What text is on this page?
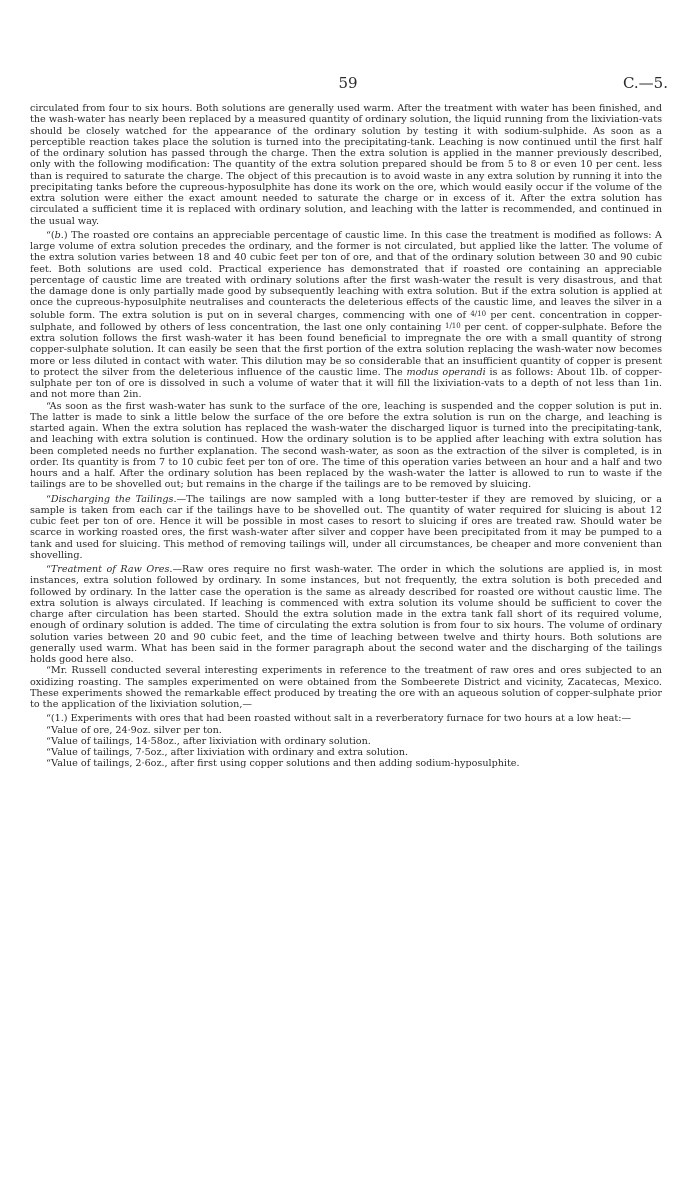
59	C.—5.

circulated from four to six hours. Both solutions are generally used warm. After the treatment with water has been finished, and the wash-water has nearly been replaced by a measured quantity of ordinary solution, the liquid running from the lixiviation-vats should be closely watched for the appearance of the ordinary solution by testing it with sodium-sulphide. As soon as a perceptible reaction takes place the solution is turned into the precipitating-tank. Leaching is now continued until the first half of the ordinary solution has passed through the charge. Then the extra solution is applied in the manner previously described, only with the following modification: The quantity of the extra solution prepared should be from 5 to 8 or even 10 per cent. less than is required to saturate the charge. The object of this precaution is to avoid waste in any extra solution by running it into the precipitating tanks before the cupreous-hyposulphite has done its work on the ore, which would easily occur if the volume of the extra solution were either the exact amount needed to saturate the charge or in excess of it. After the extra solution has circulated a sufficient time it is replaced with ordinary solution, and leaching with the latter is recommended, and continued in the usual way.

“(b.) The roasted ore contains an appreciable percentage of caustic lime. In this case the treatment is modified as follows: A large volume of extra solution precedes the ordinary, and the former is not circulated, but applied like the latter. The volume of the extra solution varies between 18 and 40 cubic feet per ton of ore, and that of the ordinary solution between 30 and 90 cubic feet. Both solutions are used cold. Practical experience has demonstrated that if roasted ore containing an appreciable percentage of caustic lime are treated with ordinary solutions after the first wash-water the result is very disastrous, and that the damage done is only partially made good by subsequently leaching with extra solution. But if the extra solution is applied at once the cupreous-hyposulphite neutralises and counteracts the deleterious effects of the caustic lime, and leaves the silver in a soluble form. The extra solution is put on in several charges, commencing with one of $^{4/10}$ per cent. concentration in copper-sulphate, and followed by others of less concentration, the last one only containing $^{1/10}$ per cent. of copper-sulphate. Before the extra solution follows the first wash-water it has been found beneficial to impregnate the ore with a small quantity of strong copper-sulphate solution. It can easily be seen that the first portion of the extra solution replacing the wash-water now becomes more or less diluted in contact with water. This dilution may be so considerable that an insufficient quantity of copper is present to protect the silver from the deleterious influence of the caustic lime. The modus operandi is as follows: About 1lb. of copper-sulphate per ton of ore is dissolved in such a volume of water that it will fill the lixiviation-vats to a depth of not less than 1in. and not more than 2in.

“As soon as the first wash-water has sunk to the surface of the ore, leaching is suspended and the copper solution is put in. The latter is made to sink a little below the surface of the ore before the extra solution is run on the charge, and leaching is started again. When the extra solution has replaced the wash-water the discharged liquor is turned into the precipitating-tank, and leaching with extra solution is continued. How the ordinary solution is to be applied after leaching with extra solution has been completed needs no further explanation. The second wash-water, as soon as the extraction of the silver is completed, is in order. Its quantity is from 7 to 10 cubic feet per ton of ore. The time of this operation varies between an hour and a half and two hours and a half. After the ordinary solution has been replaced by the wash-water the latter is allowed to run to waste if the tailings are to be shovelled out; but remains in the charge if the tailings are to be removed by sluicing.

“Discharging the Tailings.—The tailings are now sampled with a long butter-tester if they are removed by sluicing, or a sample is taken from each car if the tailings have to be shovelled out. The quantity of water required for sluicing is about 12 cubic feet per ton of ore. Hence it will be possible in most cases to resort to sluicing if ores are treated raw. Should water be scarce in working roasted ores, the first wash-water after silver and copper have been precipitated from it may be pumped to a tank and used for sluicing. This method of removing tailings will, under all circumstances, be cheaper and more convenient than shovelling.

“Treatment of Raw Ores.—Raw ores require no first wash-water. The order in which the solutions are applied is, in most instances, extra solution followed by ordinary. In some instances, but not frequently, the extra solution is both preceded and followed by ordinary. In the latter case the operation is the same as already described for roasted ore without caustic lime. The extra solution is always circulated. If leaching is commenced with extra solution its volume should be sufficient to cover the charge after circulation has been started. Should the extra solution made in the extra tank fall short of its required volume, enough of ordinary solution is added. The time of circulating the extra solution is from four to six hours. The volume of ordinary solution varies between 20 and 90 cubic feet, and the time of leaching between twelve and thirty hours. Both solutions are generally used warm. What has been said in the former paragraph about the second water and the discharging of the tailings holds good here also.

“Mr. Russell conducted several interesting experiments in reference to the treatment of raw ores and ores subjected to an oxidizing roasting. The samples experimented on were obtained from the Sombeerete District and vicinity, Zacatecas, Mexico. These experiments showed the remarkable effect produced by treating the ore with an aqueous solution of copper-sulphate prior to the application of the lixiviation solution,—

“(1.) Experiments with ores that had been roasted without salt in a reverberatory furnace for two hours at a low heat:—

“Value of ore, 24·9oz. silver per ton.

“Value of tailings, 14·58oz., after lixiviation with ordinary solution.

“Value of tailings, 7·5oz., after lixiviation with ordinary and extra solution.

“Value of tailings, 2·6oz., after first using copper solutions and then adding sodium-hyposulphite.
